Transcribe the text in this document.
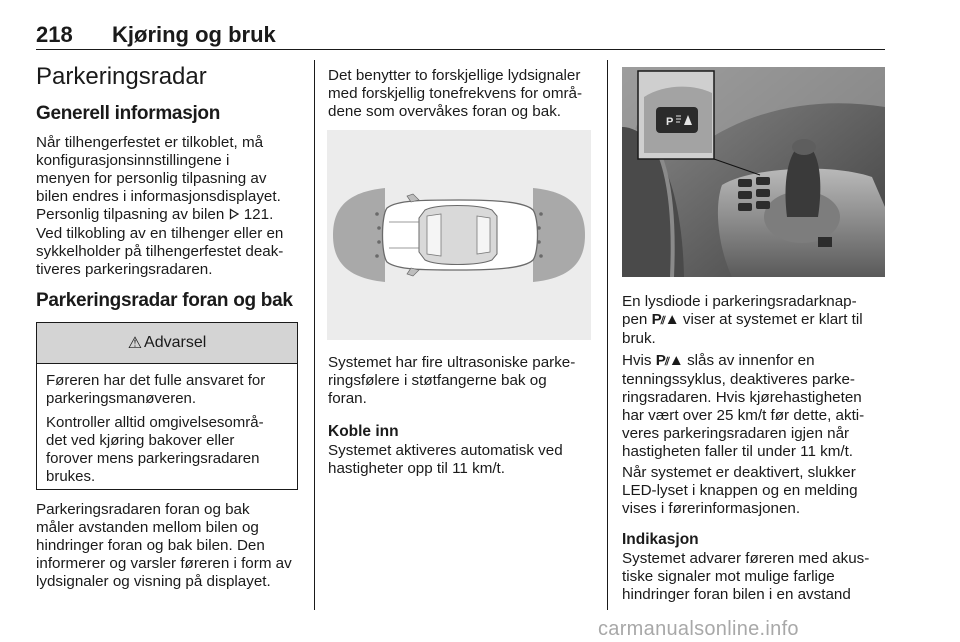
218 Kjøring og bruk
Parkeringsradar
Generell informasjon
Når tilhengerfestet er tilkoblet, må
konfigurasjonsinnstillingene i
menyen for personlig tilpasning av
bilen endres i informasjonsdisplayet.
Personlig tilpasning av bilen  121.
Ved tilkobling av en tilhenger eller en
sykkelholder på tilhengerfestet deak-
tiveres parkeringsradaren.
Parkeringsradar foran og bak
⚠ Advarsel

Føreren har det fulle ansvaret for
parkeringsmanøveren.

Kontroller alltid omgivelsesområ-
det ved kjøring bakover eller
forover mens parkeringsradaren
brukes.

Parkeringsradaren foran og bak
måler avstanden mellom bilen og
hindringer foran og bak bilen. Den
informerer og varsler føreren i form av
lydsignaler og visning på displayet.
Det benytter to forskjellige lydsignaler
med forskjellig tonefrekvens for områ-
dene som overvåkes foran og bak.
Systemet har fire ultrasoniske parke-
ringsfølere i støtfangerne bak og
foran.
Koble inn
Systemet aktiveres automatisk ved
hastigheter opp til 11 km/t.
P
En lysdiode i parkeringsradarknap-
pen P⫽▲ viser at systemet er klart til
bruk.
Hvis P⫽▲ slås av innenfor en
tenningssyklus, deaktiveres parke-
ringsradaren. Hvis kjørehastigheten
har vært over 25 km/t før dette, akti-
veres parkeringsradaren igjen når
hastigheten faller til under 11 km/t.
Når systemet er deaktivert, slukker
LED-lyset i knappen og en melding
vises i førerinformasjonen.
Indikasjon
Systemet advarer føreren med akus-
tiske signaler mot mulige farlige
hindringer foran bilen i en avstand
carmanualsonline.info
